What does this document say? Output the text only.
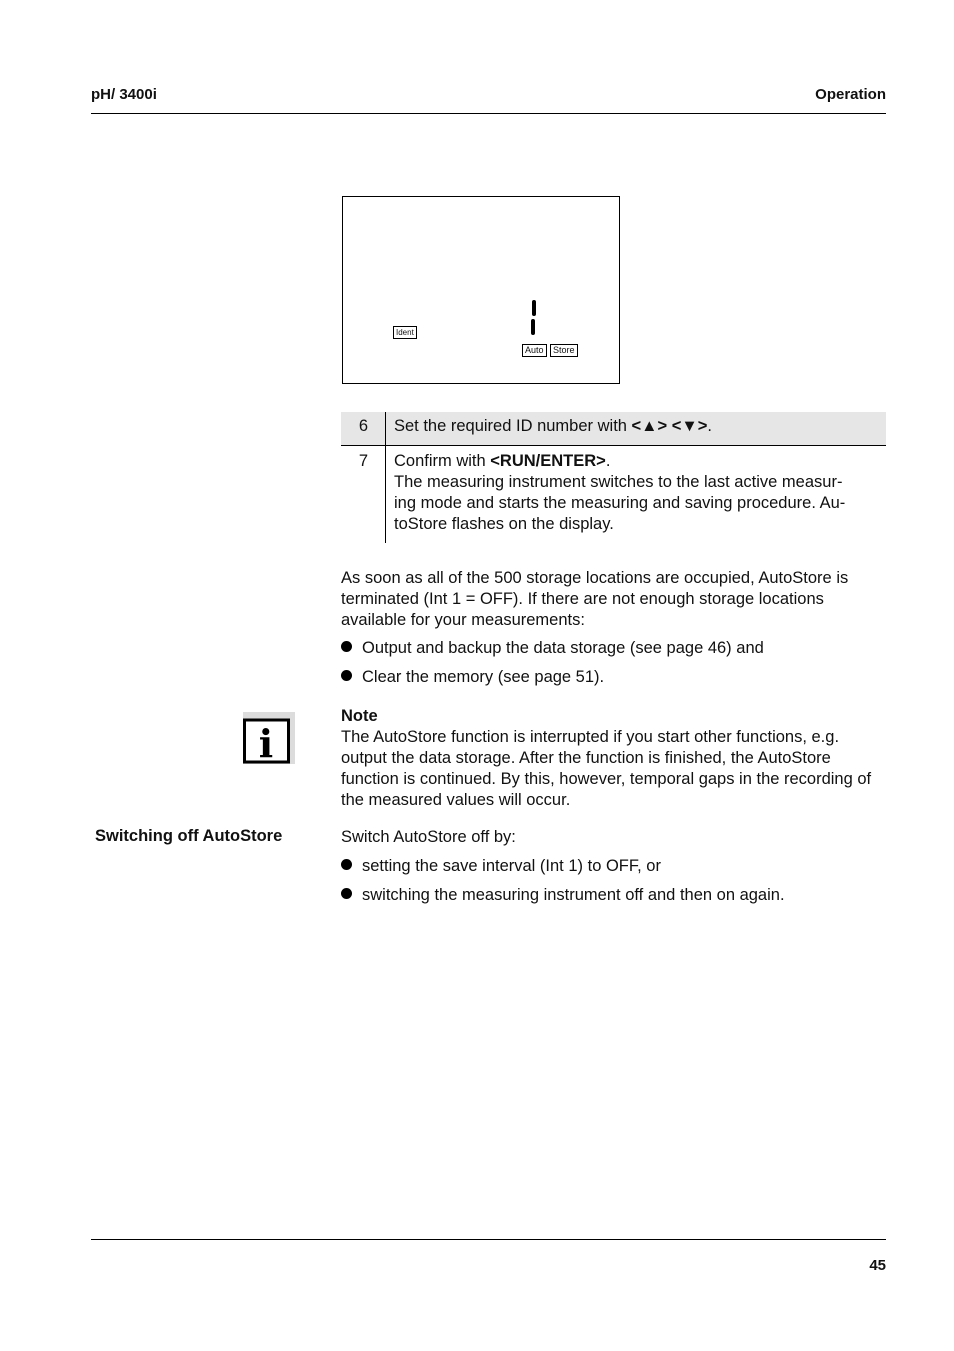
pH/ 3400i	Operation
Ident
Auto	Store
6	Set the required ID number with <▲> <▼>.
7	Confirm with <RUN/ENTER>.
The measuring instrument switches to the last active measur-
ing mode and starts the measuring and saving procedure. Au-
toStore flashes on the display.

As soon as all of the 500 storage locations are occupied, AutoStore is terminated (Int 1 = OFF). If there are not enough storage locations available for your measurements:

Output and backup the data storage (see page 46) and
Clear the memory (see page 51).
i
Note

The AutoStore function is interrupted if you start other functions, e.g. output the data storage. After the function is finished, the AutoStore function is continued. By this, however, temporal gaps in the recording of the measured values will occur.

Switching off AutoStore	Switch AutoStore off by:
setting the save interval (Int 1) to OFF, or
switching the measuring instrument off and then on again.
45
